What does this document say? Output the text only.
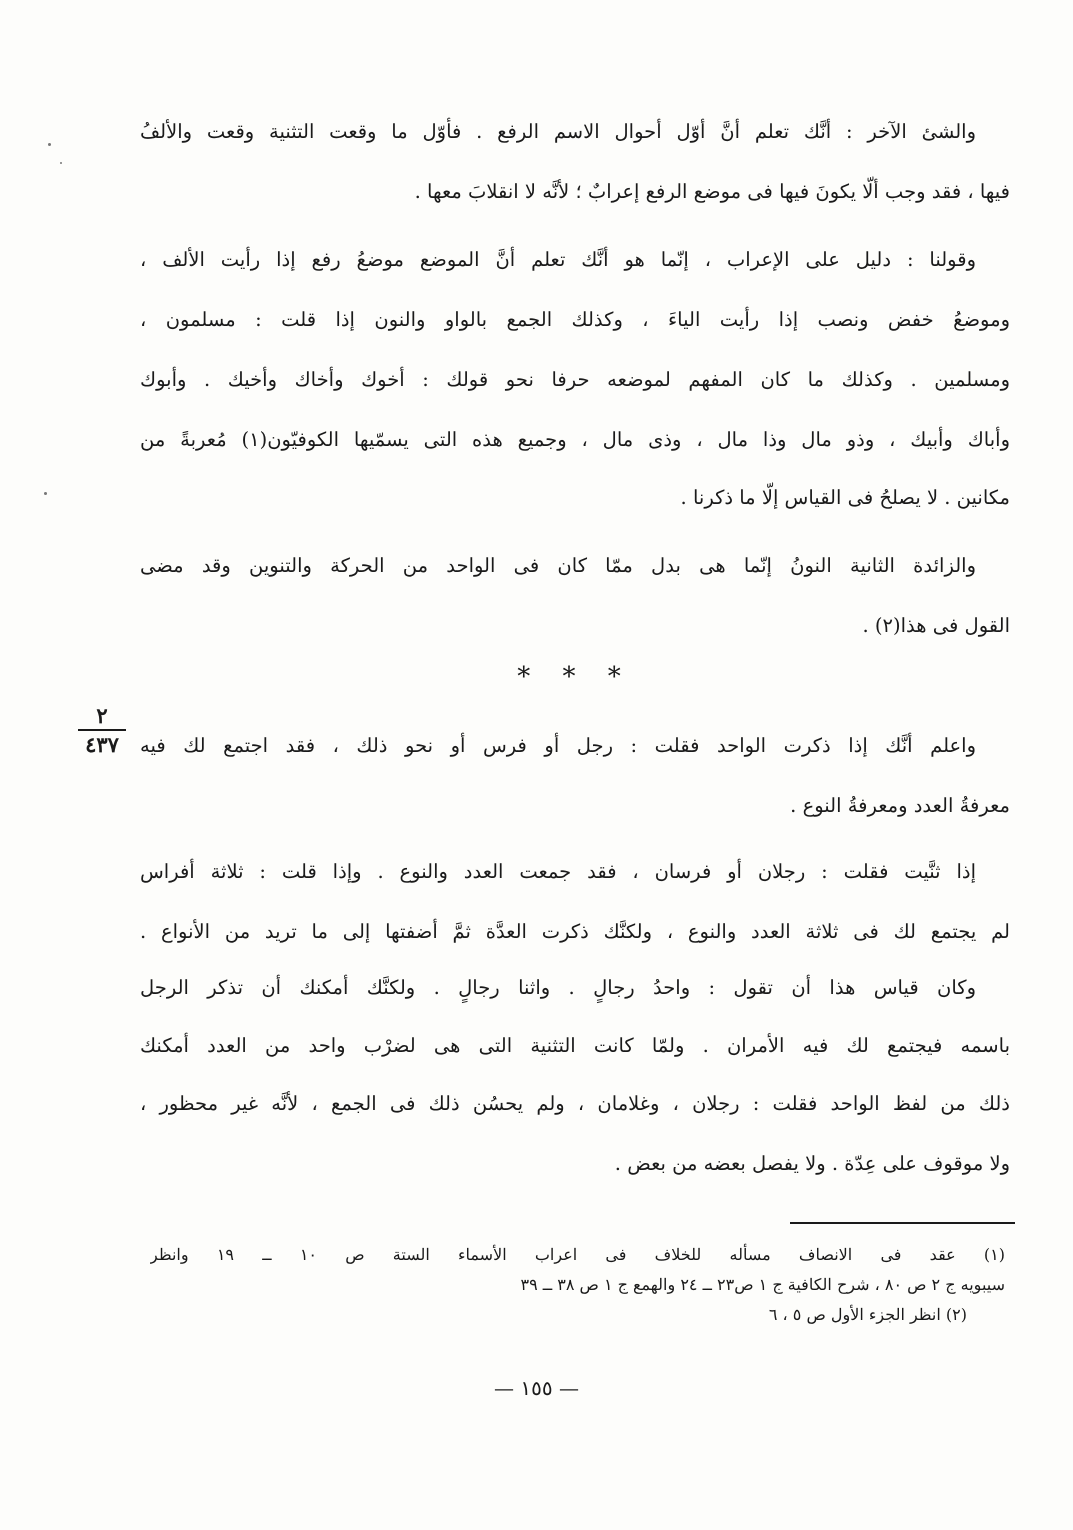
والشئ الآخر : أنَّك تعلم أنَّ أوّل أحوال الاسم الرفع . فأوّل ما وقعت التثنية وقعت والألفُ
فيها ، فقد وجب ألّا يكونَ فيها فى موضع الرفع إعرابٌ ؛ لأنَّه لا انقلابَ معها .
وقولنا : دليل على الإعراب ، إنّما هو أنَّك تعلم أنَّ الموضع موضعُ رفع إذا رأيت الألف ،
وموضعُ خفض ونصب إذا رأيت الياءَ ، وكذلك الجمع بالواو والنون إذا قلت : مسلمون ،
ومسلمين . وكذلك ما كان المفهم لموضعه حرفا نحو قولك : أخوك وأخاك وأخيك . وأبوك
وأباك وأبيك ، وذو مال وذا مال ، وذى مال ، وجميع هذه التى يسمّيها الكوفيّون(١) مُعربةً من
مكانين . لا يصلحُ فى القياس إلّا ما ذكرنا .
والزائدة الثانية النونُ إنّما هى بدل ممّا كان فى الواحد من الحركة والتنوين وقد مضى
القول فى هذا(٢) .
* * *
واعلم أنَّك إذا ذكرت الواحد فقلت : رجل أو فرس أو نحو ذلك ، فقد اجتمع لك فيه
معرفةُ العدد ومعرفةُ النوع .
إذا ثنَّيت فقلت : رجلان أو فرسان ، فقد جمعت العدد والنوع . وإذا قلت : ثلاثة أفراس
لم يجتمع لك فى ثلاثة العدد والنوع ، ولكنَّك ذكرت العدَّة ثمَّ أضفتها إلى ما تريد من الأنواع .
وكان قياس هذا أن تقول : واحدُ رجالٍ . واثنا رجالٍ . ولكنَّك أمكنك أن تذكر الرجل
باسمه فيجتمع لك فيه الأمران . ولمّا كانت التثنية التى هى لضرْب واحد من العدد أمكنك
ذلك من لفظ الواحد فقلت : رجلان ، وغلامان ، ولم يحسُن ذلك فى الجمع ، لأنَّه غير محظور ،
ولا موقوف على عِدّة . ولا يفصل بعضه من بعض .
٢
٤٣٧
(١) عقد فى الانصاف مسأله للخلاف فى اعراب الأسماء الستة ص ١٠ ــ ١٩ وانظر
سيبويه ج ٢ ص ٨٠ ، شرح الكافية ج ١ ص٢٣ ــ ٢٤ والهمع ج ١ ص ٣٨ ــ ٣٩
(٢) انظر الجزء الأول ص ٥ ، ٦
— ١٥٥ —
